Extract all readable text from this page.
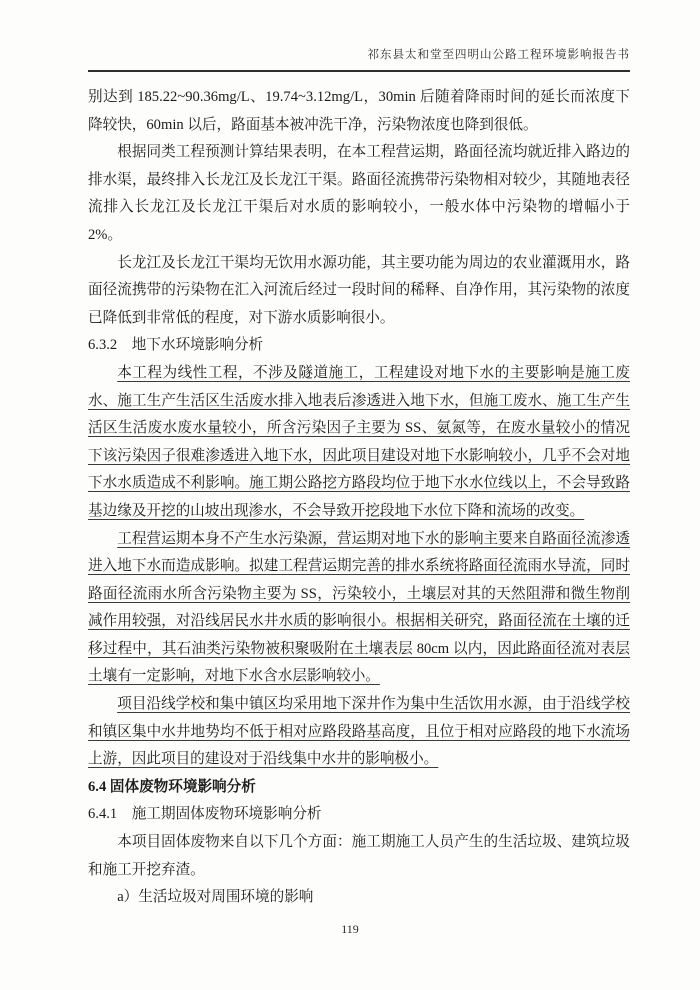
祁东县太和堂至四明山公路工程环境影响报告书

别达到 185.22~90.36mg/L、19.74~3.12mg/L，30min 后随着降雨时间的延长而浓度下降较快，60min 以后，路面基本被冲洗干净，污染物浓度也降到很低。

根据同类工程预测计算结果表明，在本工程营运期，路面径流均就近排入路边的排水渠，最终排入长龙江及长龙江干渠。路面径流携带污染物相对较少，其随地表径流排入长龙江及长龙江干渠后对水质的影响较小，一般水体中污染物的增幅小于2%。

长龙江及长龙江干渠均无饮用水源功能，其主要功能为周边的农业灌溉用水，路面径流携带的污染物在汇入河流后经过一段时间的稀释、自净作用，其污染物的浓度已降低到非常低的程度，对下游水质影响很小。

6.3.2　地下水环境影响分析

本工程为线性工程，不涉及隧道施工，工程建设对地下水的主要影响是施工废水、施工生产生活区生活废水排入地表后渗透进入地下水，但施工废水、施工生产生活区生活废水废水量较小，所含污染因子主要为 SS、氨氮等，在废水量较小的情况下该污染因子很难渗透进入地下水，因此项目建设对地下水影响较小，几乎不会对地下水水质造成不利影响。施工期公路挖方路段均位于地下水水位线以上，不会导致路基边缘及开挖的山坡出现渗水，不会导致开挖段地下水位下降和流场的改变。

工程营运期本身不产生水污染源，营运期对地下水的影响主要来自路面径流渗透进入地下水而造成影响。拟建工程营运期完善的排水系统将路面径流雨水导流，同时路面径流雨水所含污染物主要为 SS，污染较小，土壤层对其的天然阻滞和微生物削减作用较强，对沿线居民水井水质的影响很小。根据相关研究，路面径流在土壤的迁移过程中，其石油类污染物被积聚吸附在土壤表层 80cm 以内，因此路面径流对表层土壤有一定影响，对地下水含水层影响较小。

项目沿线学校和集中镇区均采用地下深井作为集中生活饮用水源，由于沿线学校和镇区集中水井地势均不低于相对应路段路基高度，且位于相对应路段的地下水流场上游，因此项目的建设对于沿线集中水井的影响极小。

6.4 固体废物环境影响分析
6.4.1　施工期固体废物环境影响分析

本项目固体废物来自以下几个方面：施工期施工人员产生的生活垃圾、建筑垃圾和施工开挖弃渣。

a）生活垃圾对周围环境的影响

119
